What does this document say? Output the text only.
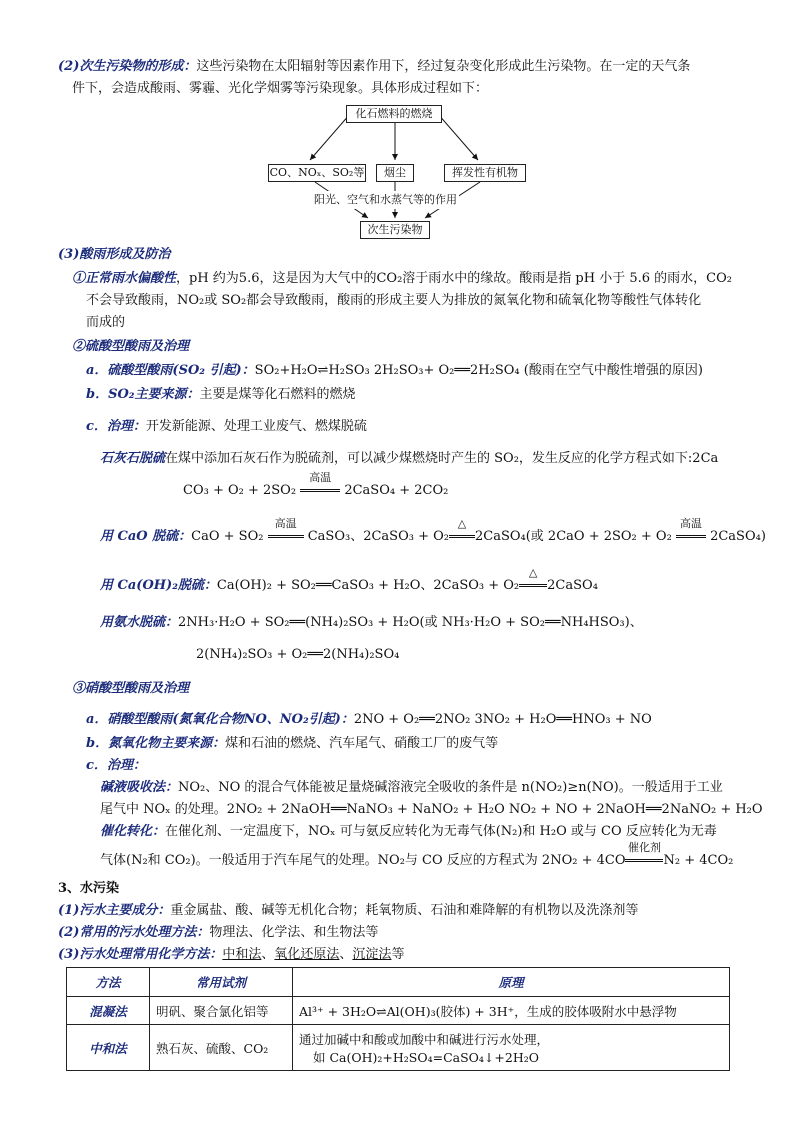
(2)次生污染物的形成：这些污染物在太阳辐射等因素作用下，经过复杂变化形成此生污染物。在一定的天气条
件下，会造成酸雨、雾霾、光化学烟雾等污染现象。具体形成过程如下：
化石燃料的燃烧
CO、NOₓ、SO₂等	烟尘	挥发性有机物
阳光、空气和水蒸气等的作用
次生污染物
(3)酸雨形成及防治
①正常雨水偏酸性，pH 约为5.6，这是因为大气中的CO₂溶于雨水中的缘故。酸雨是指 pH 小于 5.6 的雨水，CO₂
不会导致酸雨，NO₂或 SO₂都会导致酸雨，酸雨的形成主要人为排放的氮氧化物和硫氧化物等酸性气体转化
而成的
②硫酸型酸雨及治理
a．硫酸型酸雨(SO₂ 引起)：SO₂+H₂O⇌H₂SO₃ 2H₂SO₃+ O₂══2H₂SO₄ (酸雨在空气中酸性增强的原因)
b．SO₂主要来源：主要是煤等化石燃料的燃烧
c．治理：开发新能源、处理工业废气、燃煤脱硫
石灰石脱硫在煤中添加石灰石作为脱硫剂，可以减少煤燃烧时产生的 SO₂，发生反应的化学方程式如下:2Ca
CO₃ + O₂ + 2SO₂
高温
2CaSO₄ + 2CO₂
用 CaO 脱硫：CaO + SO₂
高温
CaSO₃、2CaSO₃ + O₂
△
2CaSO₄(或 2CaO + 2SO₂ + O₂
高温
2CaSO₄)
用 Ca(OH)₂脱硫：Ca(OH)₂ + SO₂══CaSO₃ + H₂O、2CaSO₃ + O₂
△
2CaSO₄
用氨水脱硫：2NH₃·H₂O + SO₂══(NH₄)₂SO₃ + H₂O(或 NH₃·H₂O + SO₂══NH₄HSO₃)、
2(NH₄)₂SO₃ + O₂══2(NH₄)₂SO₄
③硝酸型酸雨及治理
a．硝酸型酸雨(氮氧化合物NO、NO₂引起)：2NO + O₂══2NO₂ 3NO₂ + H₂O══HNO₃ + NO
b．氮氧化物主要来源：煤和石油的燃烧、汽车尾气、硝酸工厂的废气等
c．治理：
碱液吸收法：NO₂、NO 的混合气体能被足量烧碱溶液完全吸收的条件是 n(NO₂)≥n(NO)。一般适用于工业
尾气中 NOₓ 的处理。2NO₂ + 2NaOH══NaNO₃ + NaNO₂ + H₂O NO₂ + NO + 2NaOH══2NaNO₂ + H₂O
催化转化：在催化剂、一定温度下，NOₓ 可与氨反应转化为无毒气体(N₂)和 H₂O 或与 CO 反应转化为无毒
气体(N₂和 CO₂)。一般适用于汽车尾气的处理。NO₂与 CO 反应的方程式为 2NO₂ + 4CO
催化剂
N₂ + 4CO₂
3、水污染
(1)污水主要成分：重金属盐、酸、碱等无机化合物；耗氧物质、石油和难降解的有机物以及洗涤剂等
(2)常用的污水处理方法：物理法、化学法、和生物法等
(3)污水处理常用化学方法：中和法、氧化还原法、沉淀法等
方法	常用试剂	原理
混凝法	明矾、聚合氯化铝等	Al³⁺ + 3H₂O⇌Al(OH)₃(胶体) + 3H⁺，生成的胶体吸附水中悬浮物
中和法	熟石灰、硫酸、CO₂	通过加碱中和酸或加酸中和碱进行污水处理，
如 Ca(OH)₂+H₂SO₄=CaSO₄↓+2H₂O
